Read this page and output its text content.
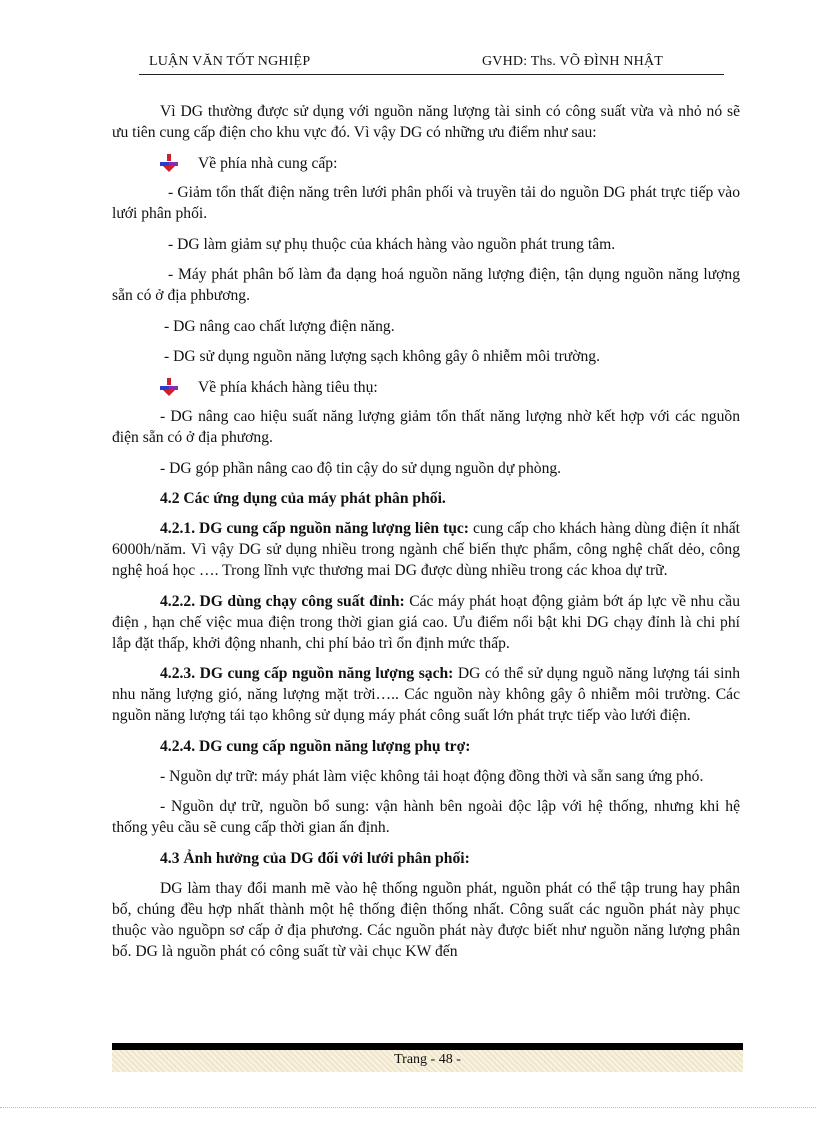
LUẬN VĂN TỐT NGHIỆP	GVHD: Ths. VÕ ĐÌNH NHẬT

Vì DG thường được sử dụng với nguồn năng lượng tài sinh có công suất vừa và nhỏ nó sẽ ưu tiên cung cấp điện cho khu vực đó. Vì vậy DG có những ưu điểm như sau:

Về phía nhà cung cấp:

- Giảm tổn thất điện năng trên lưới phân phối và truyền tải do nguồn DG phát trực tiếp vào lưới phân phối.

- DG làm giảm sự phụ thuộc của khách hàng vào nguồn phát trung tâm.

- Máy phát phân bố làm đa dạng hoá nguồn năng lượng điện, tận dụng nguồn năng lượng sẵn có ở địa phbương.

- DG nâng cao chất lượng điện năng.

- DG sử dụng nguồn năng lượng sạch không gây ô nhiễm môi trường.

Về phía khách hàng tiêu thụ:

- DG nâng cao hiệu suất năng lượng giảm tổn thất năng lượng nhờ kết hợp với các nguồn điện sẵn có ở địa phương.

- DG góp phần nâng cao độ tin cậy do sử dụng nguồn dự phòng.

4.2 Các ứng dụng của máy phát phân phối.

4.2.1. DG cung cấp nguồn năng lượng liên tục: cung cấp cho khách hàng dùng điện ít nhất 6000h/năm. Vì vậy DG sử dụng nhiều trong ngành chế biến thực phẩm, công nghệ chất dẻo, công nghệ hoá học …. Trong lĩnh vực thương mai DG được dùng nhiều trong các khoa dự trữ.

4.2.2. DG dùng chạy công suất đỉnh: Các máy phát hoạt động giảm bớt áp lực về nhu cầu điện , hạn chế việc mua điện trong thời gian giá cao. Ưu điểm nổi bật khi DG chạy đỉnh là chi phí lắp đặt thấp, khởi động nhanh, chi phí bảo trì ổn định mức thấp.

4.2.3. DG cung cấp nguồn năng lượng sạch: DG có thể sử dụng nguồ năng lượng tái sinh nhu năng lượng gió, năng lượng mặt trời….. Các nguồn này không gây ô nhiễm môi trường. Các nguồn năng lượng tái tạo không sử dụng máy phát công suất lớn phát trực tiếp vào lưới điện.

4.2.4. DG cung cấp nguồn năng lượng phụ trợ:

- Nguồn dự trữ: máy phát làm việc không tải hoạt động đồng thời và sẵn sang ứng phó.

- Nguồn dự trữ, nguồn bổ sung: vận hành bên ngoài độc lập với hệ thống, nhưng khi hệ thống yêu cầu sẽ cung cấp thời gian ấn định.

4.3 Ảnh hưởng của DG đối với lưới phân phối:

DG làm thay đổi manh mẽ vào hệ thống nguồn phát, nguồn phát có thể tập trung hay phân bố, chúng đều hợp nhất thành một hệ thống điện thống nhất. Công suất các nguồn phát này phục thuộc vào nguồpn sơ cấp ở địa phương. Các nguồn phát này được biết như nguồn năng lượng phân bố. DG là nguồn phát có công suất từ vài chục KW đến

Trang - 48 -
